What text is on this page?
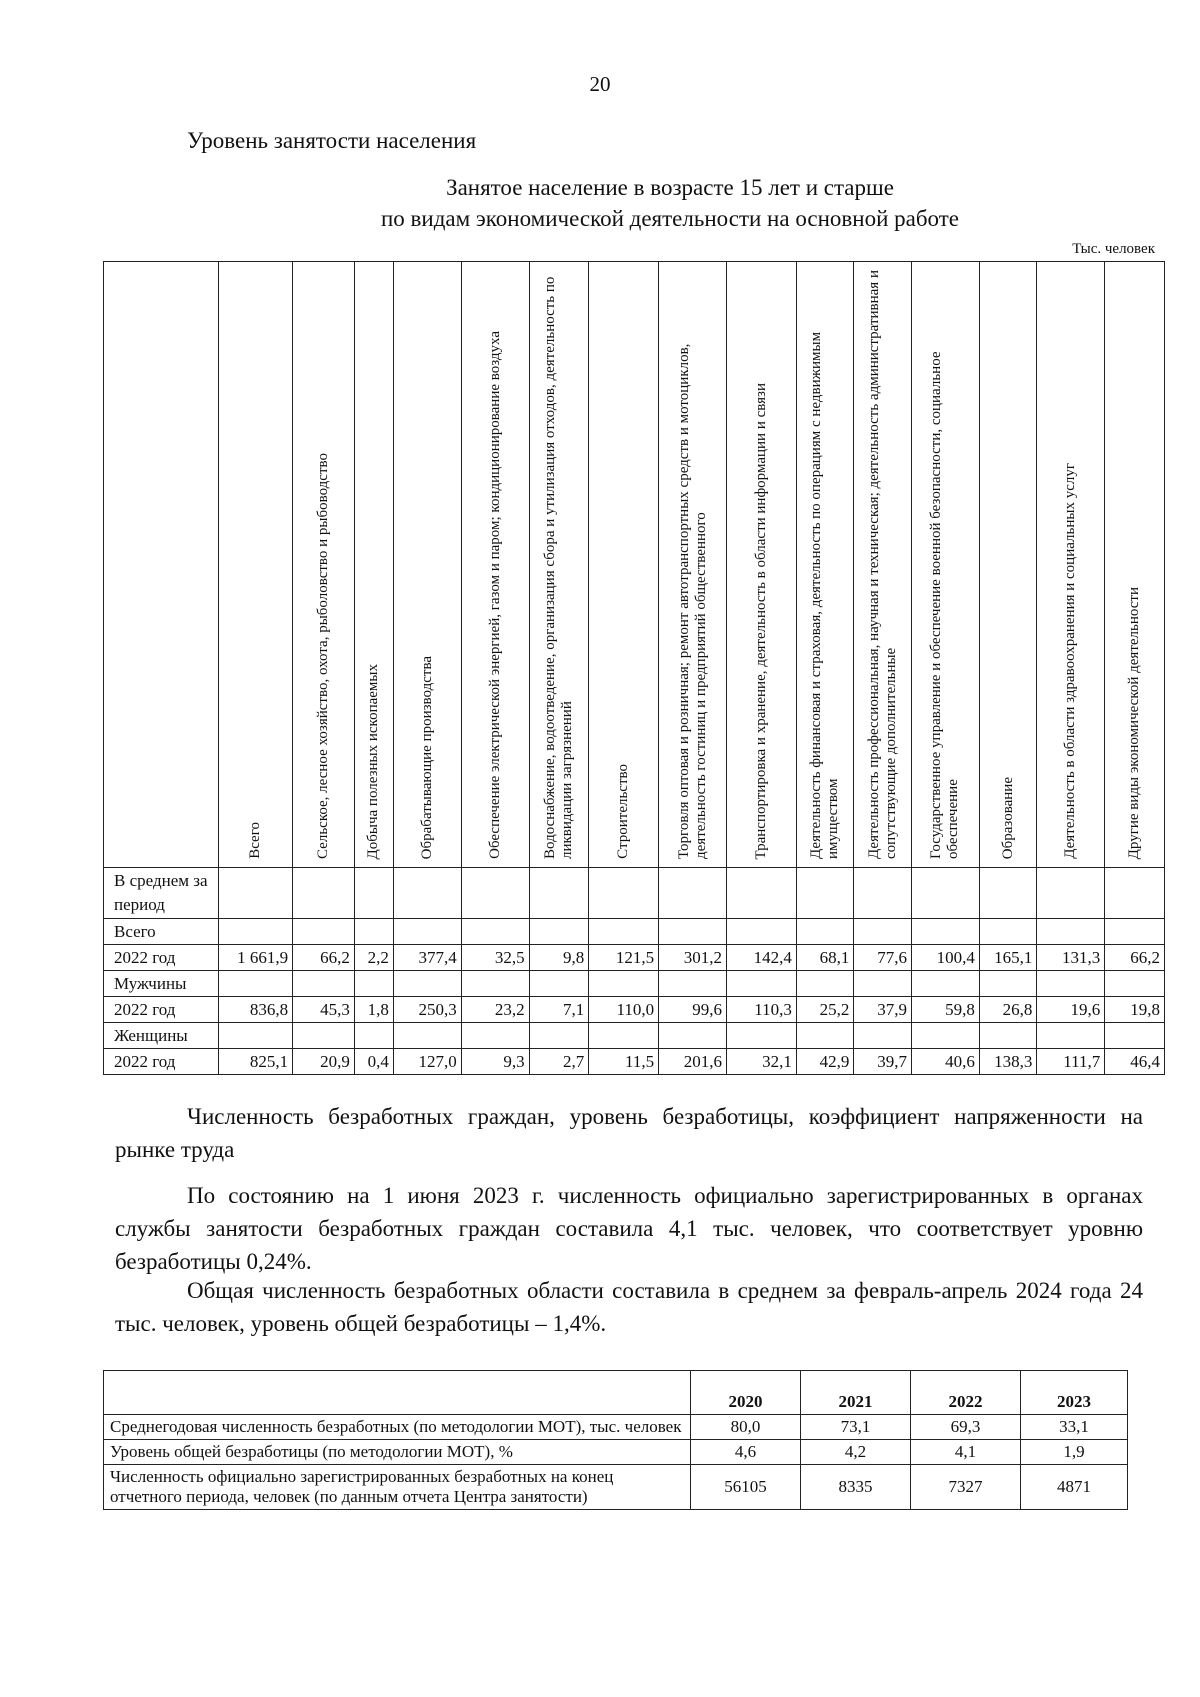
20
Уровень занятости населения
Занятое население в возрасте 15 лет и старше
по видам экономической деятельности на основной работе
Тыс. человек

	Всего	Сельское, лесное хозяйство, охота, рыболовство и рыбоводство	Добыча полезных ископаемых	Обрабатывающие производства	Обеспечение электрической энергией, газом и паром; кондиционирование воздуха	Водоснабжение, водоотведение, организация сбора и утилизация отходов, деятельность по ликвидации загрязнений	Строительство	Торговля оптовая и розничная; ремонт автотранспортных средств и мотоциклов, деятельность гостиниц и предприятий общественного	Транспортировка и хранение, деятельность в области информации и связи	Деятельность финансовая и страховая, деятельность по операциям с недвижимым имуществом	Деятельность профессиональная, научная и техническая; деятельность административная и сопутствующие дополнительные	Государственное управление и обеспечение военной безопасности, социальное обеспечение	Образование	Деятельность в области здравоохранения и социальных услуг	Другие виды экономической деятельности

В среднем за период															
Всего															
2022 год	1 661,9	66,2	2,2	377,4	32,5	9,8	121,5	301,2	142,4	68,1	77,6	100,4	165,1	131,3	66,2
Мужчины															
2022 год	836,8	45,3	1,8	250,3	23,2	7,1	110,0	99,6	110,3	25,2	37,9	59,8	26,8	19,6	19,8
Женщины															
2022 год	825,1	20,9	0,4	127,0	9,3	2,7	11,5	201,6	32,1	42,9	39,7	40,6	138,3	111,7	46,4
Численность безработных граждан, уровень безработицы, коэффициент напряженности на рынке труда
По состоянию на 1 июня 2023 г. численность официально зарегистрированных в органах службы занятости безработных граждан составила 4,1 тыс. человек, что соответствует уровню безработицы 0,24%.
Общая численность безработных области составила в среднем за февраль-апрель 2024 года 24 тыс. человек, уровень общей безработицы – 1,4%.
	2020	2021	2022	2023
Среднегодовая численность безработных (по методологии МОТ), тыс. человек	80,0	73,1	69,3	33,1
Уровень общей безработицы (по методологии МОТ), %	4,6	4,2	4,1	1,9
Численность официально зарегистрированных безработных на конец отчетного периода, человек (по данным отчета Центра занятости)	56105	8335	7327	4871
